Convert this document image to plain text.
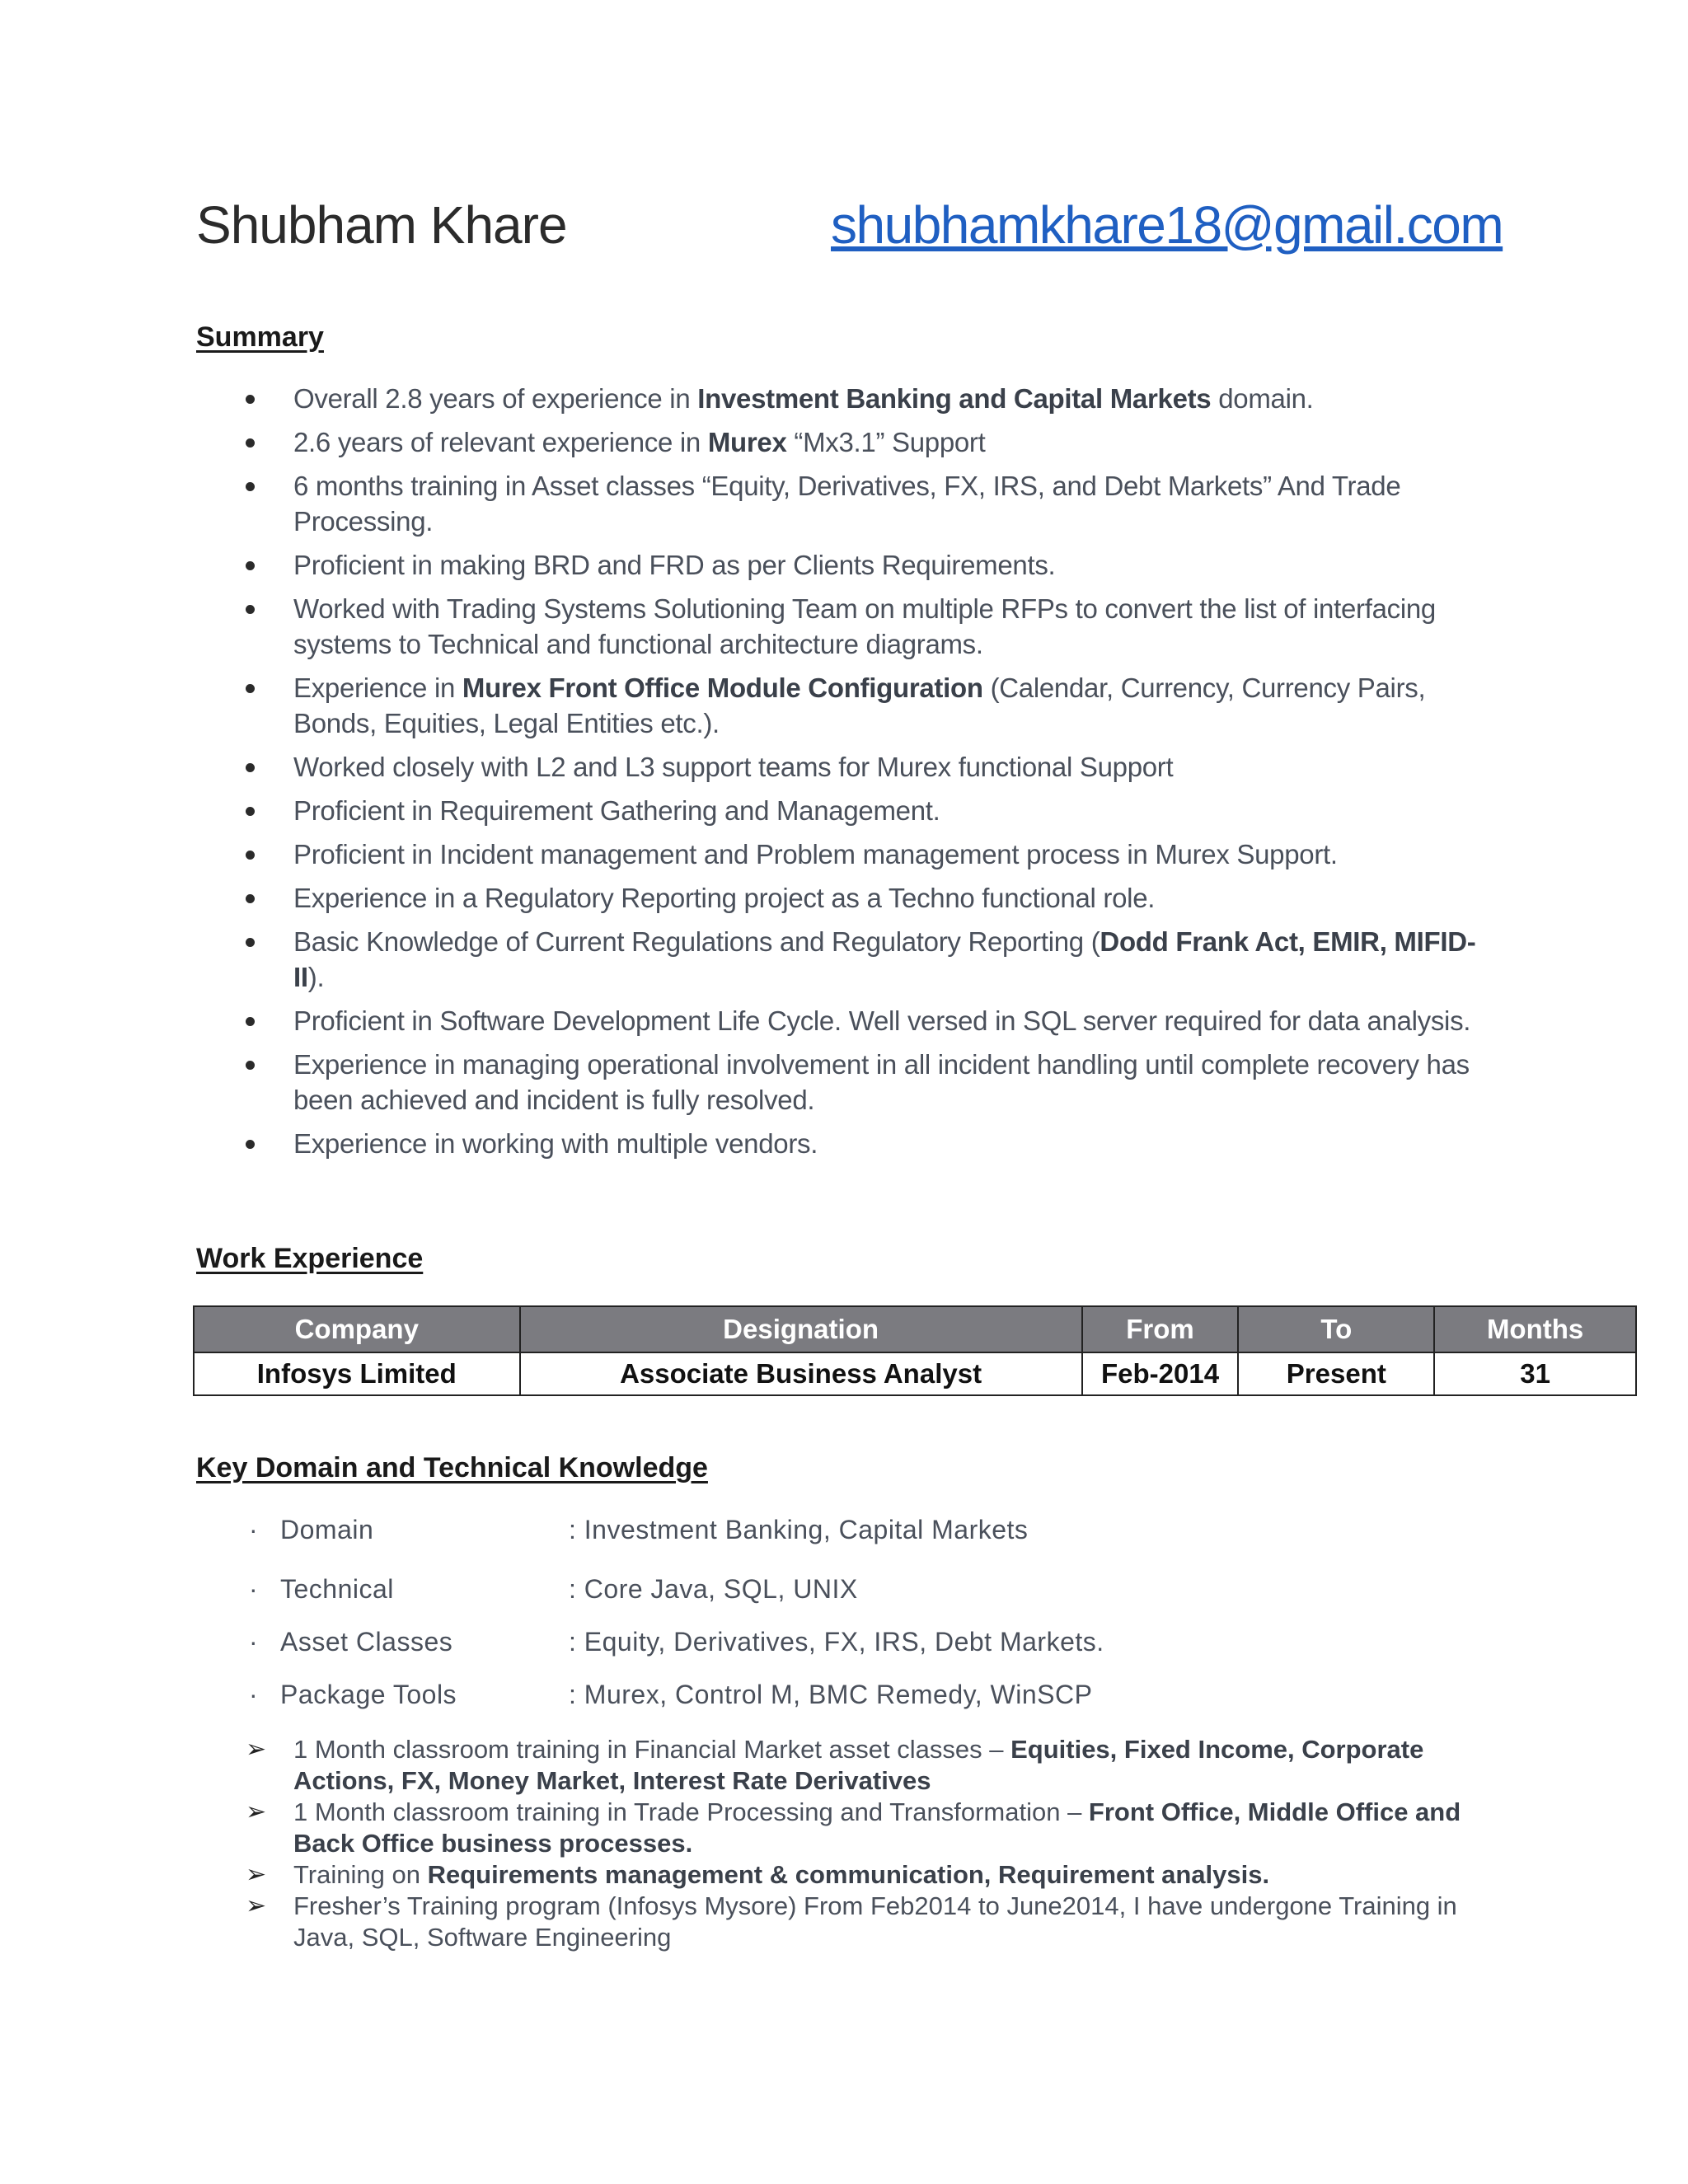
Shubham Khare	shubhamkhare18@gmail.com
Summary
Overall 2.8 years of experience in Investment Banking and Capital Markets domain.
2.6 years of relevant experience in Murex “Mx3.1” Support
6 months training in Asset classes “Equity, Derivatives, FX, IRS, and Debt Markets” And Trade Processing.
Proficient in making BRD and FRD as per Clients Requirements.
Worked with Trading Systems Solutioning Team on multiple RFPs to convert the list of interfacing systems to Technical and functional architecture diagrams.
Experience in Murex Front Office Module Configuration (Calendar, Currency, Currency Pairs, Bonds, Equities, Legal Entities etc.).
Worked closely with L2 and L3 support teams for Murex functional Support
Proficient in Requirement Gathering and Management.
Proficient in Incident management and Problem management process in Murex Support.
Experience in a Regulatory Reporting project as a Techno functional role.
Basic Knowledge of Current Regulations and Regulatory Reporting (Dodd Frank Act, EMIR, MIFID-II).
Proficient in Software Development Life Cycle. Well versed in SQL server required for data analysis.
Experience in managing operational involvement in all incident handling until complete recovery has been achieved and incident is fully resolved.
Experience in working with multiple vendors.
Work Experience
Company	Designation	From	To	Months
Infosys Limited	Associate Business Analyst	Feb-2014	Present	31
Key Domain and Technical Knowledge
· Domain	: Investment Banking, Capital Markets
· Technical	: Core Java, SQL, UNIX
· Asset Classes	: Equity, Derivatives, FX, IRS, Debt Markets.
· Package Tools	: Murex, Control M, BMC Remedy, WinSCP
➢ 1 Month classroom training in Financial Market asset classes – Equities, Fixed Income, Corporate Actions, FX, Money Market, Interest Rate Derivatives
➢ 1 Month classroom training in Trade Processing and Transformation – Front Office, Middle Office and Back Office business processes.
➢ Training on Requirements management & communication, Requirement analysis.
➢ Fresher’s Training program (Infosys Mysore) From Feb2014 to June2014, I have undergone Training in Java, SQL, Software Engineering
